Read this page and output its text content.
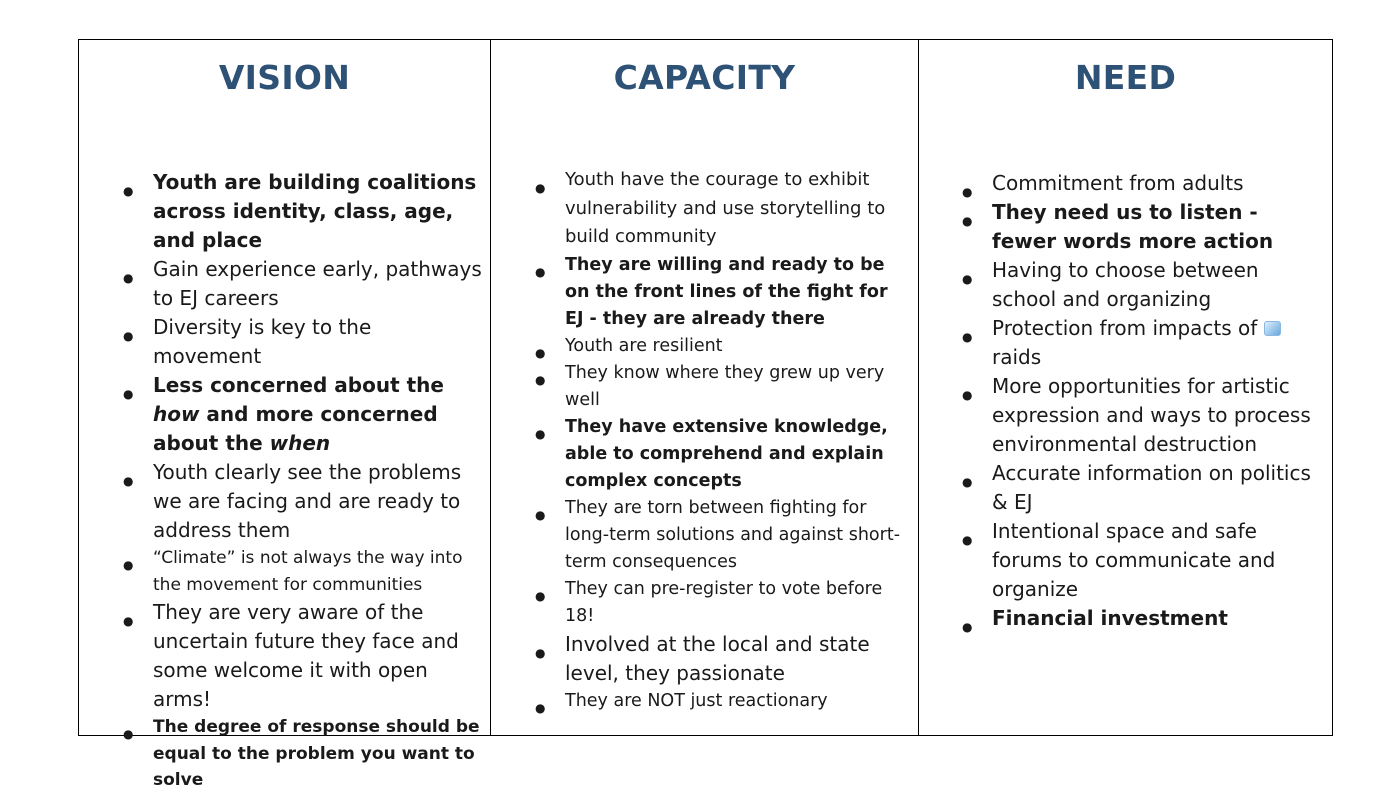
VISION
● Youth are building coalitions across identity, class, age, and place
● Gain experience early, pathways to EJ careers
● Diversity is key to the movement
● Less concerned about the how and more concerned about the when
● Youth clearly see the problems we are facing and are ready to address them
● “Climate” is not always the way into the movement for communities
● They are very aware of the uncertain future they face and some welcome it with open arms!
● The degree of response should be equal to the problem you want to solve
CAPACITY
● Youth have the courage to exhibit vulnerability and use storytelling to build community
● They are willing and ready to be on the front lines of the fight for EJ - they are already there
● Youth are resilient
● They know where they grew up very well
● They have extensive knowledge, able to comprehend and explain complex concepts
● They are torn between fighting for long-term solutions and against short-term consequences
● They can pre-register to vote before 18!
● Involved at the local and state level, they passionate
● They are NOT just reactionary
NEED
● Commitment from adults
● They need us to listen - fewer words more action
● Having to choose between school and organizing
● Protection from impacts of  raids
● More opportunities for artistic expression and ways to process environmental destruction
● Accurate information on politics & EJ
● Intentional space and safe forums to communicate and organize
● Financial investment
